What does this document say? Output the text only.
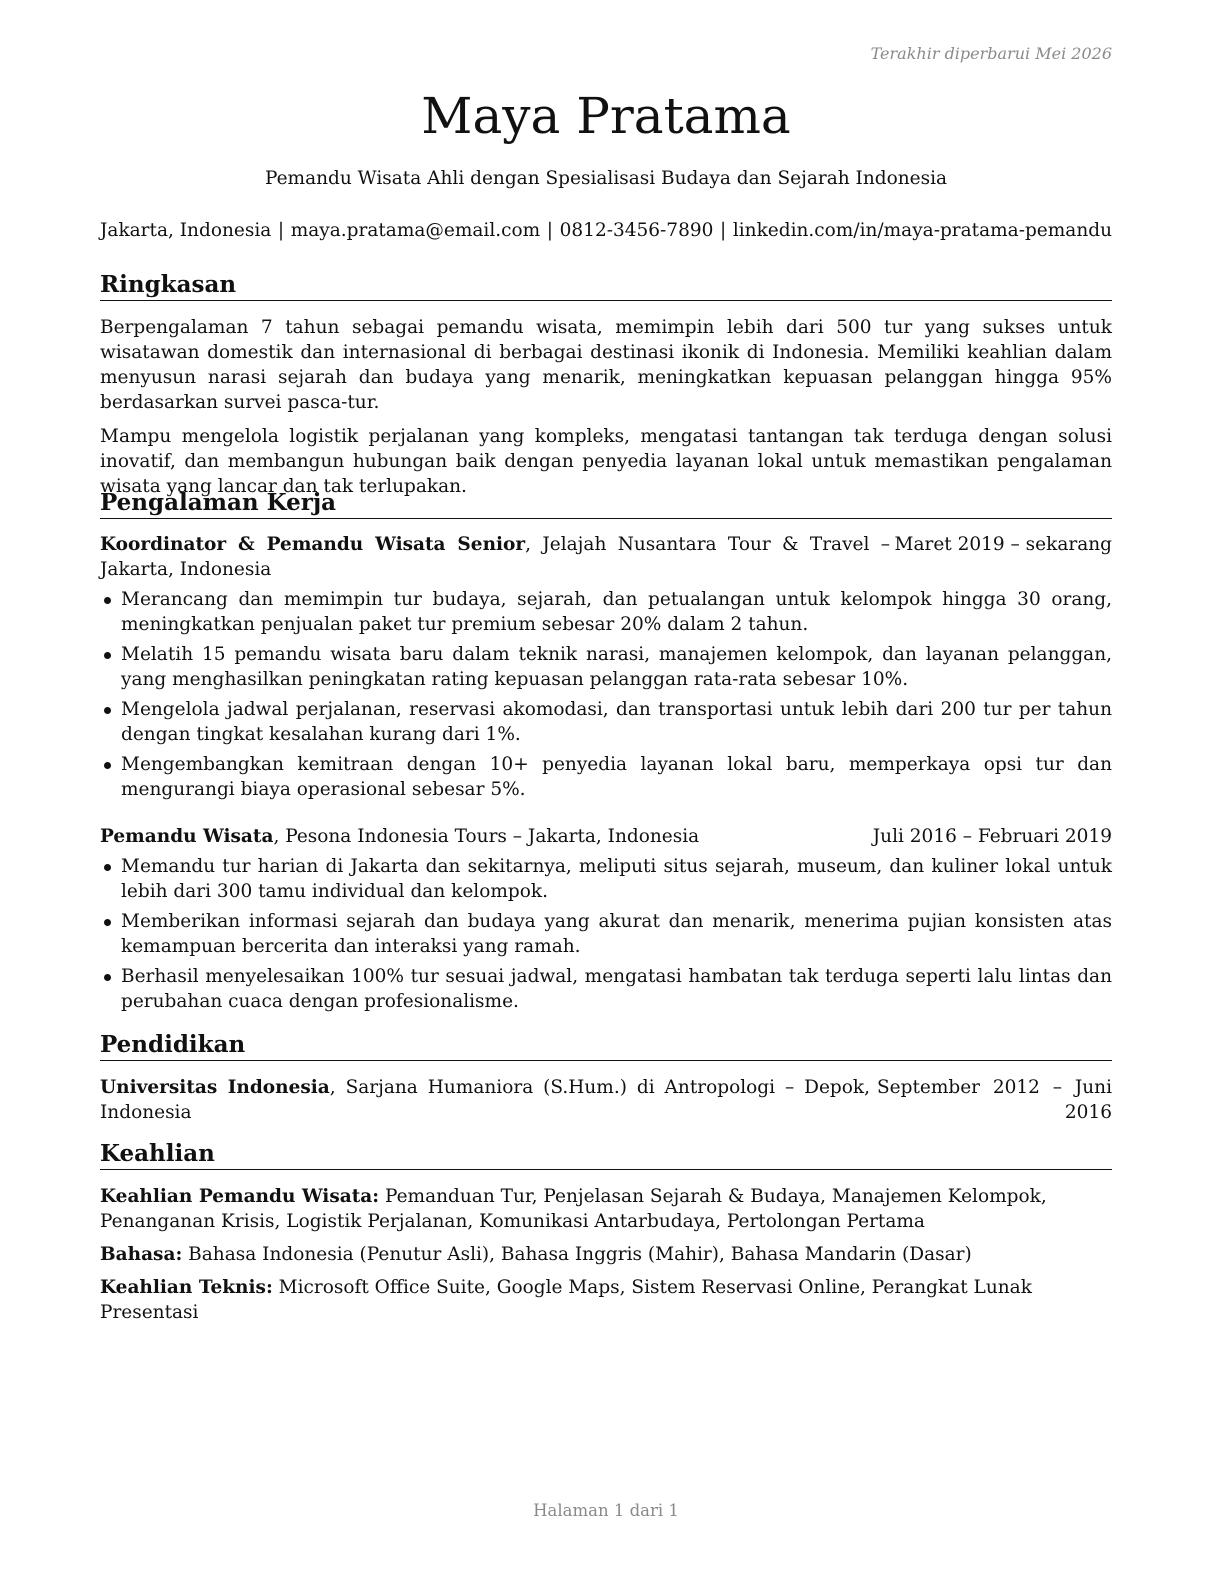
Terakhir diperbarui Mei 2026
Maya Pratama
Pemandu Wisata Ahli dengan Spesialisasi Budaya dan Sejarah Indonesia
Jakarta, Indonesia | maya.pratama@email.com | 0812-3456-7890 | linkedin.com/in/maya-pratama-pemandu
Ringkasan

Berpengalaman 7 tahun sebagai pemandu wisata, memimpin lebih dari 500 tur yang sukses untuk wisatawan domestik dan internasional di berbagai destinasi ikonik di Indonesia. Memiliki keahlian dalam menyusun narasi sejarah dan budaya yang menarik, meningkatkan kepuasan pelanggan hingga 95% berdasarkan survei pasca-tur.

Mampu mengelola logistik perjalanan yang kompleks, mengatasi tantangan tak terduga dengan solusi inovatif, dan membangun hubungan baik dengan penyedia layanan lokal untuk memastikan pengalaman wisata yang lancar dan tak terlupakan.

Pengalaman Kerja
Koordinator & Pemandu Wisata Senior, Jelajah Nusantara Tour & Travel – Jakarta, Indonesia
Maret 2019 – sekarang
Merancang dan memimpin tur budaya, sejarah, dan petualangan untuk kelompok hingga 30 orang, meningkatkan penjualan paket tur premium sebesar 20% dalam 2 tahun.
Melatih 15 pemandu wisata baru dalam teknik narasi, manajemen kelompok, dan layanan pelanggan, yang menghasilkan peningkatan rating kepuasan pelanggan rata-rata sebesar 10%.
Mengelola jadwal perjalanan, reservasi akomodasi, dan transportasi untuk lebih dari 200 tur per tahun dengan tingkat kesalahan kurang dari 1%.
Mengembangkan kemitraan dengan 10+ penyedia layanan lokal baru, memperkaya opsi tur dan mengurangi biaya operasional sebesar 5%.
Pemandu Wisata, Pesona Indonesia Tours – Jakarta, Indonesia	Juli 2016 – Februari 2019
Memandu tur harian di Jakarta dan sekitarnya, meliputi situs sejarah, museum, dan kuliner lokal untuk lebih dari 300 tamu individual dan kelompok.
Memberikan informasi sejarah dan budaya yang akurat dan menarik, menerima pujian konsisten atas kemampuan bercerita dan interaksi yang ramah.
Berhasil menyelesaikan 100% tur sesuai jadwal, mengatasi hambatan tak terduga seperti lalu lintas dan perubahan cuaca dengan profesionalisme.
Pendidikan
Universitas Indonesia, Sarjana Humaniora (S.Hum.) di Antropologi – Depok, Indonesia
September 2012 – Juni 2016
Keahlian

Keahlian Pemandu Wisata: Pemanduan Tur, Penjelasan Sejarah & Budaya, Manajemen Kelompok, Penanganan Krisis, Logistik Perjalanan, Komunikasi Antarbudaya, Pertolongan Pertama

Bahasa: Bahasa Indonesia (Penutur Asli), Bahasa Inggris (Mahir), Bahasa Mandarin (Dasar)

Keahlian Teknis: Microsoft Office Suite, Google Maps, Sistem Reservasi Online, Perangkat Lunak Presentasi

Halaman 1 dari 1
